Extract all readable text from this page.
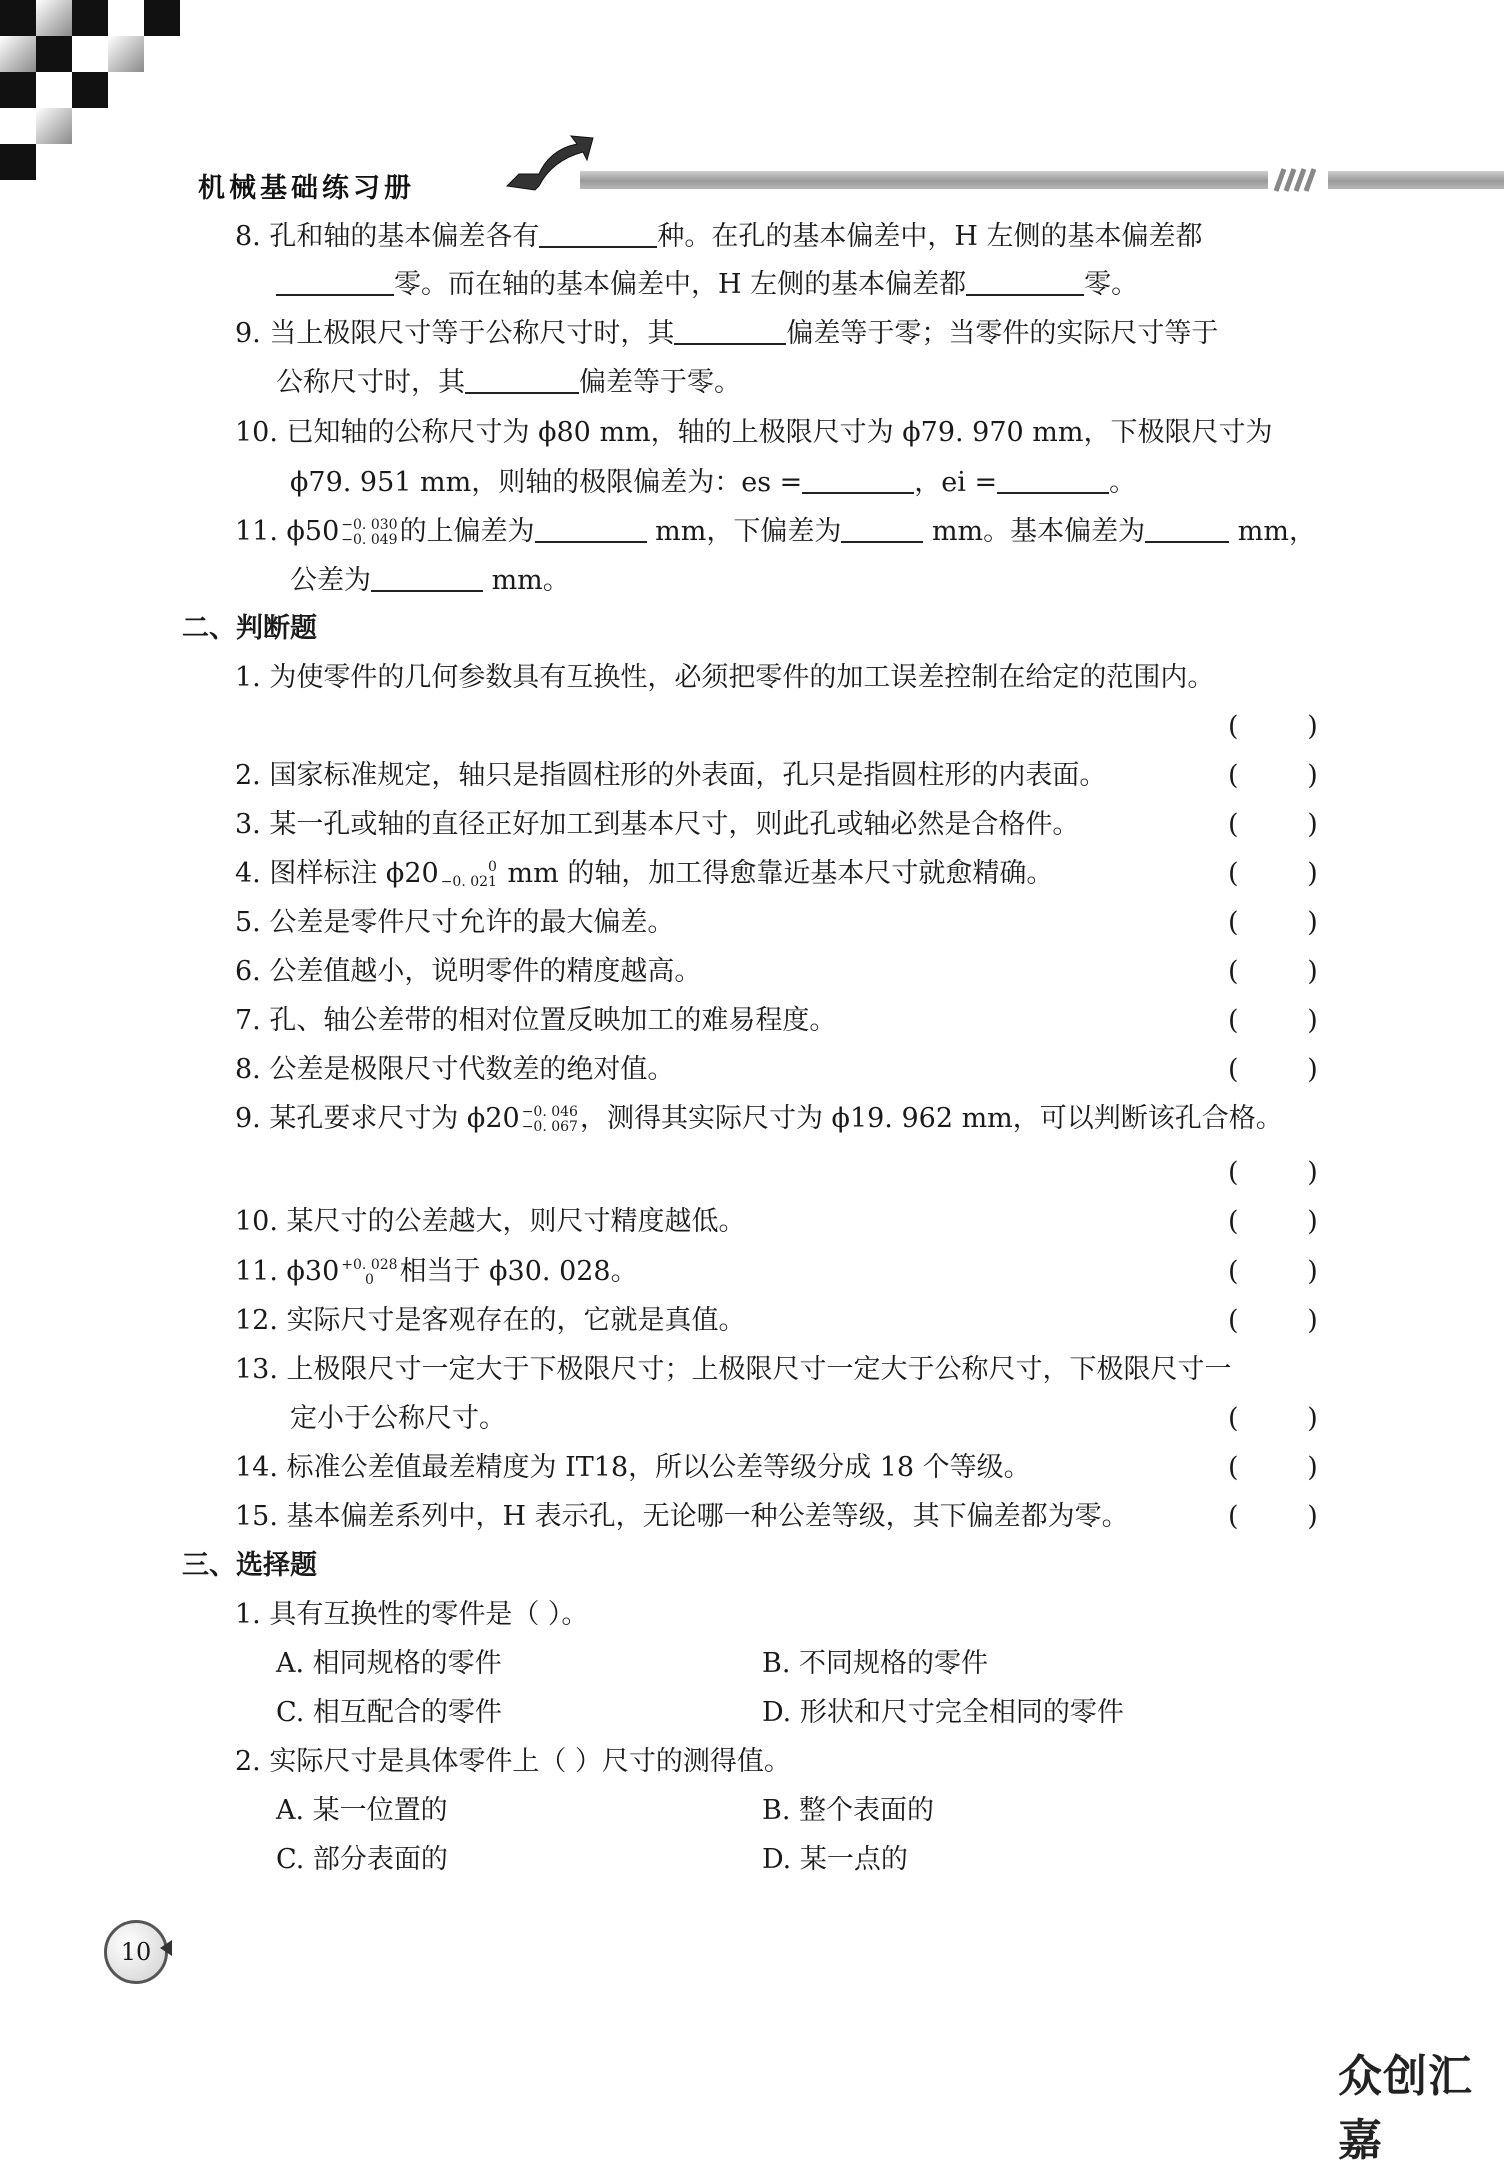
机械基础练习册
8. 孔和轴的基本偏差各有	种。在孔的基本偏差中，H 左侧的基本偏差都
零。而在轴的基本偏差中，H 左侧的基本偏差都	零。
9. 当上极限尺寸等于公称尺寸时，其	偏差等于零；当零件的实际尺寸等于
公称尺寸时，其	偏差等于零。
10. 已知轴的公称尺寸为 ϕ80 mm，轴的上极限尺寸为 ϕ79. 970 mm，下极限尺寸为
ϕ79. 951 mm，则轴的极限偏差为：es =	，ei =	。
11. ϕ50 −0. 030
−0. 049 的上偏差为	mm，下偏差为	mm。基本偏差为	mm，
公差为	mm。
二、判断题
1. 为使零件的几何参数具有互换性，必须把零件的加工误差控制在给定的范围内。
(        )
2. 国家标准规定，轴只是指圆柱形的外表面，孔只是指圆柱形的内表面。	(        )
3. 某一孔或轴的直径正好加工到基本尺寸，则此孔或轴必然是合格件。	(        )
4. 图样标注 ϕ20	0
−0. 021 mm 的轴，加工得愈靠近基本尺寸就愈精确。	(        )
5. 公差是零件尺寸允许的最大偏差。	(        )
6. 公差值越小，说明零件的精度越高。	(        )
7. 孔、轴公差带的相对位置反映加工的难易程度。	(        )
8. 公差是极限尺寸代数差的绝对值。	(        )
9. 某孔要求尺寸为 ϕ20 −0. 046
−0. 067 ，测得其实际尺寸为 ϕ19. 962 mm，可以判断该孔合格。
(        )
10. 某尺寸的公差越大，则尺寸精度越低。	(        )
11. ϕ30 +0. 028
0 相当于 ϕ30. 028。	(        )
12. 实际尺寸是客观存在的，它就是真值。	(        )
13. 上极限尺寸一定大于下极限尺寸；上极限尺寸一定大于公称尺寸，下极限尺寸一
定小于公称尺寸。	(        )
14. 标准公差值最差精度为 IT18，所以公差等级分成 18 个等级。	(        )
15. 基本偏差系列中，H 表示孔，无论哪一种公差等级，其下偏差都为零。	(        )
三、选择题
1. 具有互换性的零件是（ ）。
A. 相同规格的零件	B. 不同规格的零件
C. 相互配合的零件	D. 形状和尺寸完全相同的零件
2. 实际尺寸是具体零件上（ ）尺寸的测得值。
A. 某一位置的	B. 整个表面的
C. 部分表面的	D. 某一点的
10
众创汇嘉
